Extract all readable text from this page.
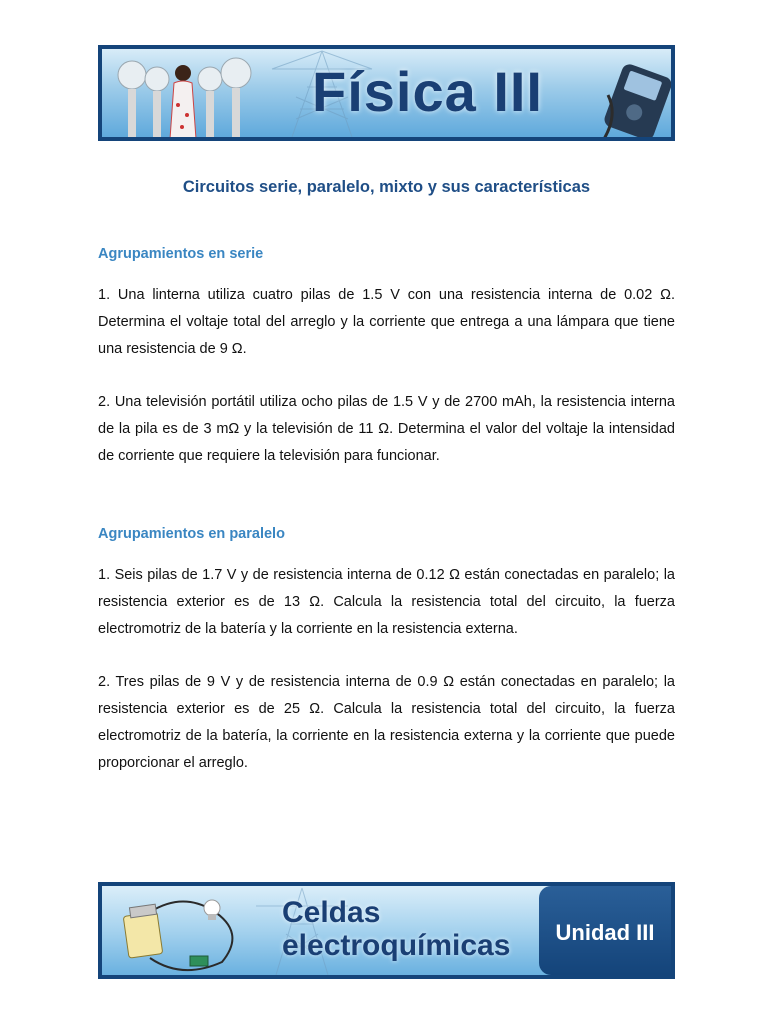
Física III
Circuitos serie, paralelo, mixto y sus características
Agrupamientos en serie

1. Una linterna utiliza cuatro pilas de 1.5 V con una resistencia interna de 0.02 Ω. Determina el voltaje total del arreglo y la corriente que entrega a una lámpara que tiene una resistencia de 9 Ω.

2. Una televisión portátil utiliza ocho pilas de 1.5 V y de 2700 mAh, la resistencia interna de la pila es de 3 mΩ y la televisión de 11 Ω. Determina el valor del voltaje la intensidad de corriente que requiere la televisión para funcionar.

Agrupamientos en paralelo

1. Seis pilas de 1.7 V y de resistencia interna de 0.12 Ω están conectadas en paralelo; la resistencia exterior es de 13 Ω. Calcula la resistencia total del circuito, la fuerza electromotriz de la batería y la corriente en la resistencia externa.

2. Tres pilas de 9 V y de resistencia interna de 0.9 Ω están conectadas en paralelo; la resistencia exterior es de 25 Ω. Calcula la resistencia total del circuito, la fuerza electromotriz de la batería, la corriente en la resistencia externa y la corriente que puede proporcionar el arreglo.

Celdas
electroquímicas	Unidad III
